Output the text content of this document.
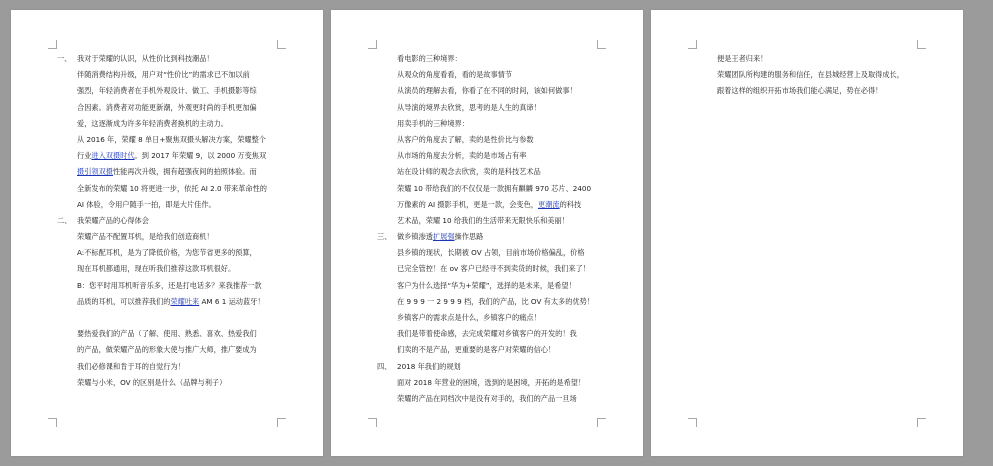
一、 我对于荣耀的认识，从性价比到科技潮品！
伴随消费结构升级，用户对“性价比”的需求已不加以前
强烈，年轻消费者在手机外观设计、做工、手机摄影等综
合因素。消费者对功能更新潮，外观更时尚的手机更加偏
爱，这逐渐成为许多年轻消费者换机的主动力。
从 2016 年，荣耀 8 单日+聚焦双摄头解决方案，荣耀整个
行业进入双摄时代。到 2017 年荣耀 9，以 2000 万变焦双
摄引领双摄性能再次升级，拥有超强夜间的拍照体验。而
全新发布的荣耀 10 将更进一步，依托 AI 2.0 带来革命性的
AI 体验，令用户随手一拍，即是大片佳作。
二、 我荣耀产品的心得体会
荣耀产品不配置耳机，是给我们创造商机！
A:不标配耳机，是为了降低价格，为您节省更多的预算，
现在耳机都通用，现在听我们推荐这款耳机很好。
B：您平时用耳机听音乐多，还是打电话多？来我推荐一款
品质的耳机，可以推荐我们的荣耀吐来 AM 6 1 运动蓝牙！
要热爱我们的产品（了解、使用、熟悉、喜欢、热爱我们
的产品，做荣耀产品的形象大使与推广大师，推广要成为
我们必修课和肯于耳的自觉行为！
荣耀与小米，OV 的区别是什么（品牌与利子）
看电影的三种境界：
从观众的角度看看，看的是故事情节
从演员的理解去看，你看了在不同的时间，该如何做事！
从导演的境界去欣赏，思考的是人生的真谛！
用卖手机的三种境界：
从客户的角度去了解，卖的是性价比与参数
从市场的角度去分析，卖的是市场占有率
站在设计师的观念去欣赏，卖的是科技艺术品
荣耀 10 带给我们的不仅仅是一款拥有麒麟 970 芯片、2400
万像素的 AI 摄影手机，更是一款，会变色，更潮流的科技
艺术品，荣耀 10 给我们的生活带来无限快乐和美丽！
三、 做乡镇渗透扩展强操作思路
县乡镇的现状，长期被 OV 占领，目前市场价格偏乱，价格
已完全管控！在 ov 客户已经寻不到卖货的时候，我们来了！
客户为什么选择“华为+荣耀”，选择的是未来，是希望！
在 9 9 9 一 2 9 9 9 档，我们的产品，比 OV 有太多的优势！
乡镇客户的需求点是什么，乡镇客户的痛点！
我们是带着使命感，去完成荣耀对乡镇客户的开发的！我
们卖的不是产品，更重要的是客户对荣耀的信心！
四、 2018 年我们的规划
面对 2018 年营业的困境，选到的是困境，开拓的是希望！
荣耀的产品在同档次中是没有对手的，我们的产品一旦场
便是王者归来！
荣耀团队所构建的服务和信任，在县城经营上及取得成长，
跟着这样的组织开拓市场我们能心满足，势在必得！
